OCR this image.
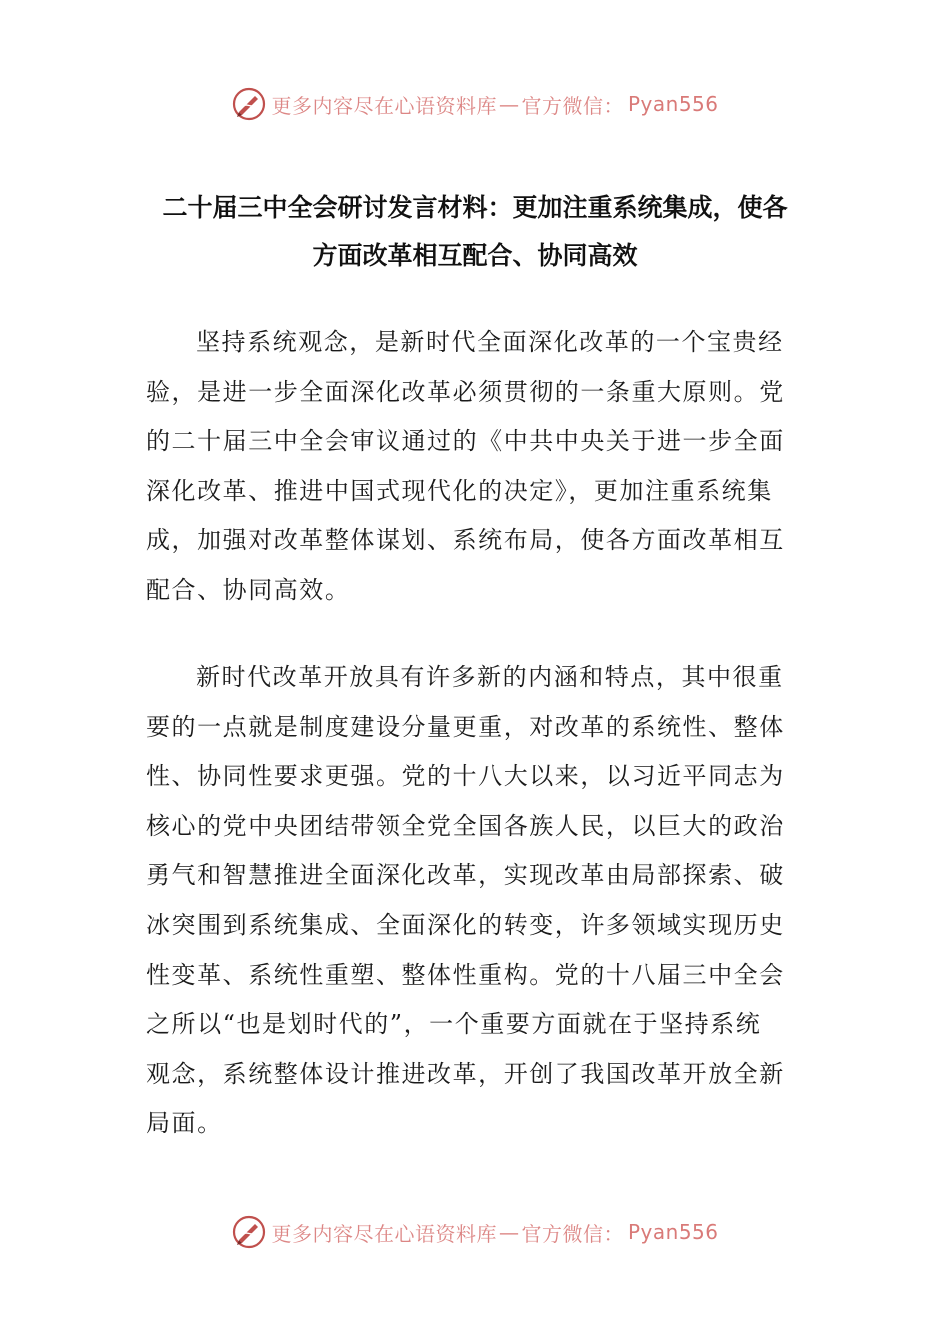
更多内容尽在心语资料库 — 官方微信： Pyan556
二十届三中全会研讨发言材料：更加注重系统集成，使各
方面改革相互配合、协同高效
坚持系统观念，是新时代全面深化改革的一个宝贵经
验，是进一步全面深化改革必须贯彻的一条重大原则。党
的二十届三中全会审议通过的《中共中央关于进一步全面
深化改革、推进中国式现代化的决定》，更加注重系统集
成，加强对改革整体谋划、系统布局，使各方面改革相互
配合、协同高效。
新时代改革开放具有许多新的内涵和特点，其中很重
要的一点就是制度建设分量更重，对改革的系统性、整体
性、协同性要求更强。党的十八大以来，以习近平同志为
核心的党中央团结带领全党全国各族人民，以巨大的政治
勇气和智慧推进全面深化改革，实现改革由局部探索、破
冰突围到系统集成、全面深化的转变，许多领域实现历史
性变革、系统性重塑、整体性重构。党的十八届三中全会
之所以“也是划时代的”，一个重要方面就在于坚持系统
观念，系统整体设计推进改革，开创了我国改革开放全新
局面。
更多内容尽在心语资料库 — 官方微信： Pyan556
